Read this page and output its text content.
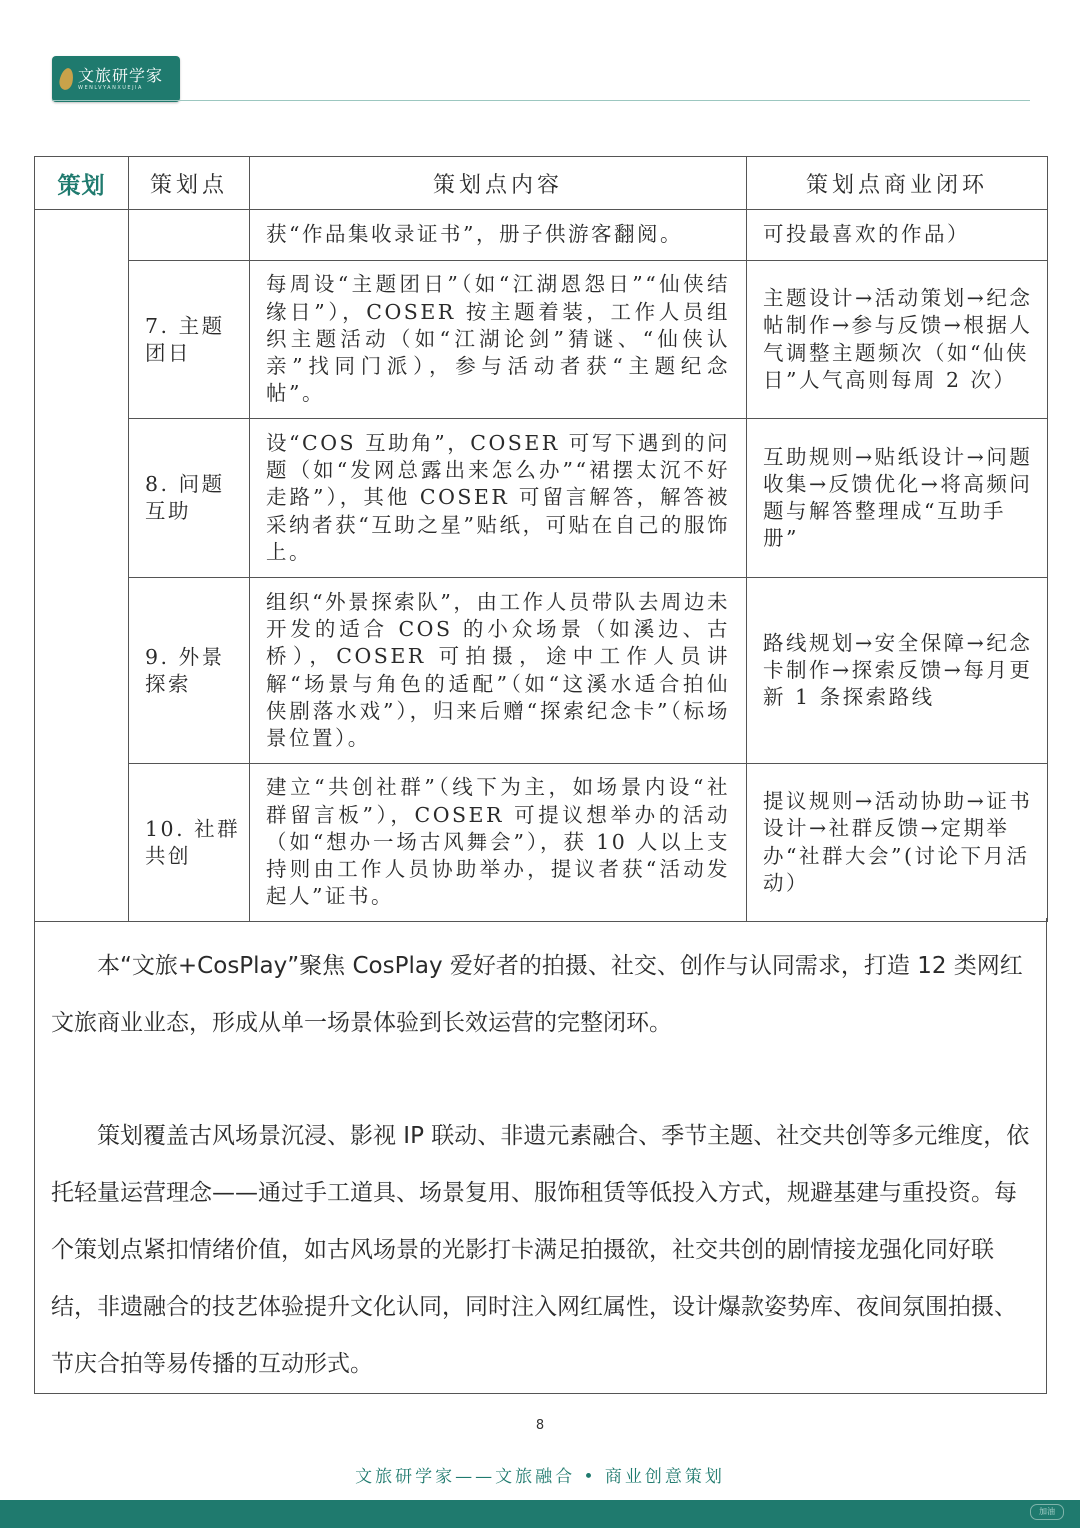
文旅研学家
WENLVYANXUEJIA
策划	策划点	策划点内容	策划点商业闭环
		获“作品集收录证书”，册子供游客翻阅。	可投最喜欢的作品）
	7. 主题团日	每周设“主题团日”（如“江湖恩怨日”“仙侠结缘日”），COSER 按主题着装，工作人员组织主题活动（如“江湖论剑”猜谜、“仙侠认亲”找同门派），参与活动者获“主题纪念帖”。	主题设计→活动策划→纪念帖制作→参与反馈→根据人气调整主题频次（如“仙侠日”人气高则每周 2 次）
	8. 问题互助	设“COS 互助角”，COSER 可写下遇到的问题（如“发网总露出来怎么办”“裙摆太沉不好走路”），其他 COSER 可留言解答，解答被采纳者获“互助之星”贴纸，可贴在自己的服饰上。	互助规则→贴纸设计→问题收集→反馈优化→将高频问题与解答整理成“互助手册”
	9. 外景探索	组织“外景探索队”，由工作人员带队去周边未开发的适合 COS 的小众场景（如溪边、古桥），COSER 可拍摄，途中工作人员讲解“场景与角色的适配”（如“这溪水适合拍仙侠剧落水戏”），归来后赠“探索纪念卡”（标场景位置）。	路线规划→安全保障→纪念卡制作→探索反馈→每月更新 1 条探索路线
	10. 社群共创	建立“共创社群”（线下为主，如场景内设“社群留言板”），COSER 可提议想举办的活动（如“想办一场古风舞会”），获 10 人以上支持则由工作人员协助举办，提议者获“活动发起人”证书。	提议规则→活动协助→证书设计→社群反馈→定期举办“社群大会”(讨论下月活动）

本“文旅+CosPlay”聚焦 CosPlay 爱好者的拍摄、社交、创作与认同需求，打造 12 类网红文旅商业业态，形成从单一场景体验到长效运营的完整闭环。

策划覆盖古风场景沉浸、影视 IP 联动、非遗元素融合、季节主题、社交共创等多元维度，依托轻量运营理念——通过手工道具、场景复用、服饰租赁等低投入方式，规避基建与重投资。每个策划点紧扣情绪价值，如古风场景的光影打卡满足拍摄欲，社交共创的剧情接龙强化同好联结，非遗融合的技艺体验提升文化认同，同时注入网红属性，设计爆款姿势库、夜间氛围拍摄、节庆合拍等易传播的互动形式。

8
文旅研学家——文旅融合 • 商业创意策划
加油
